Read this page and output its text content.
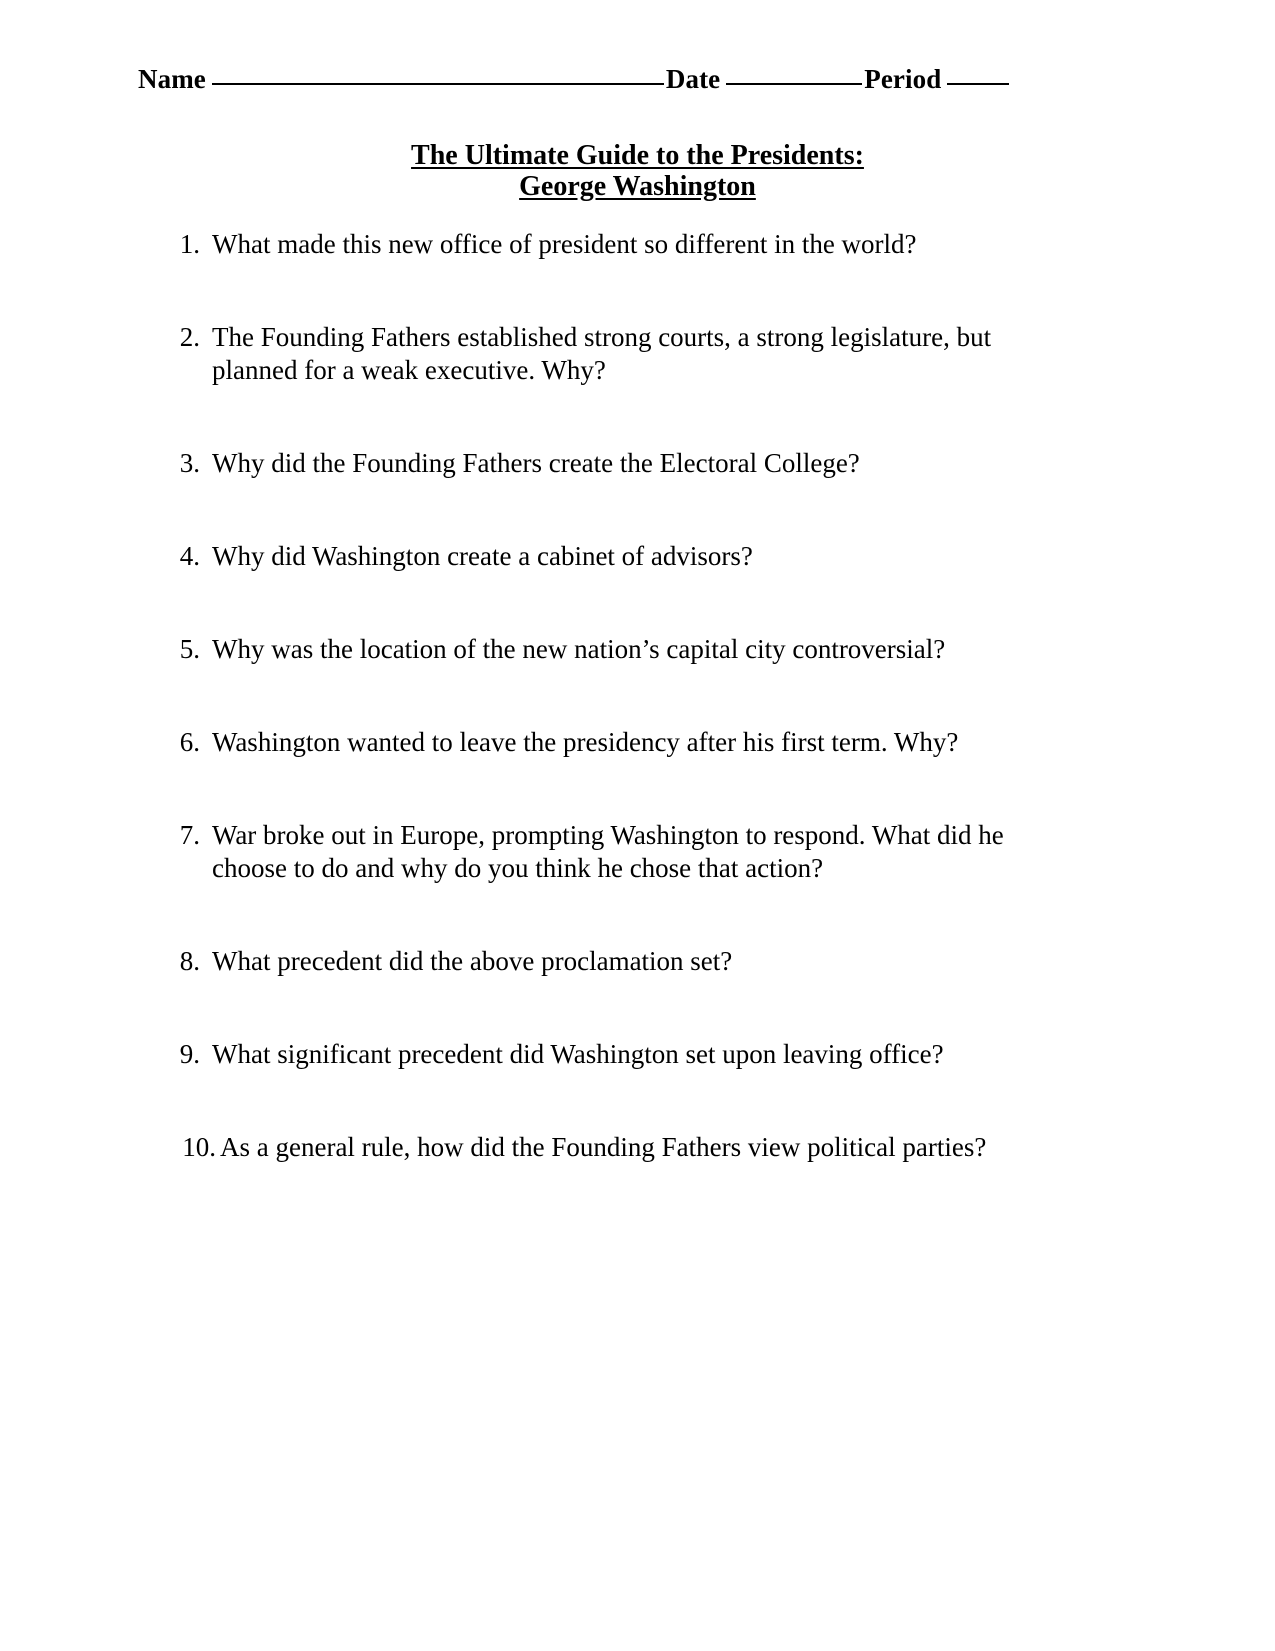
Name	Date	Period
The Ultimate Guide to the Presidents:
George Washington
1. What made this new office of president so different in the world?
2. The Founding Fathers established strong courts, a strong legislature, but planned for a weak executive. Why?
3. Why did the Founding Fathers create the Electoral College?
4. Why did Washington create a cabinet of advisors?
5. Why was the location of the new nation’s capital city controversial?
6. Washington wanted to leave the presidency after his first term. Why?
7. War broke out in Europe, prompting Washington to respond. What did he choose to do and why do you think he chose that action?
8. What precedent did the above proclamation set?
9. What significant precedent did Washington set upon leaving office?
10. As a general rule, how did the Founding Fathers view political parties?
